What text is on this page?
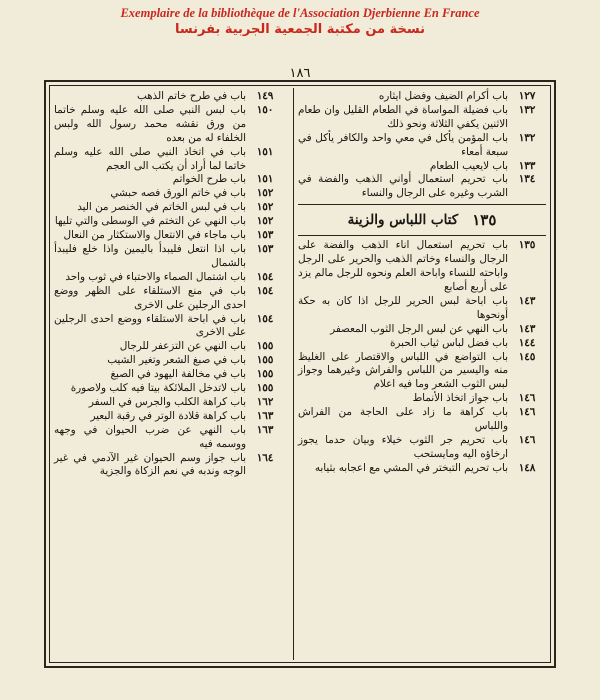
Exemplaire de la bibliothèque de l'Association Djerbienne En France
نسخة من مكتبة الجمعية الجربية بفرنسا
١٨٦
١٢٧
باب أكرام الضيف وفضل ايثاره
١٣٢
باب فضيلة المواساة في الطعام القليل وان طعام الاثنين يكفي الثلاثة ونحو ذلك
١٣٢
باب المؤمن يأكل في معي واحد والكافر يأكل في سبعة أمعاء
١٣٣
باب لايعيب الطعام
١٣٤
باب تحريم استعمال أواني الذهب والفضة في الشرب وغيره على الرجال والنساء
١٣٥
كتاب اللباس والزينة
١٣٥
باب تحريم استعمال اناء الذهب والفضة على الرجال والنساء وخاتم الذهب والحرير على الرجل واباحته للنساء واباحة العلم ونحوه للرجل مالم يزد على أربع أصابع
١٤٣
باب اباحة لبس الحرير للرجل اذا كان به حكة أونحوها
١٤٣
باب النهي عن لبس الرجل الثوب المعصفر
١٤٤
باب فضل لباس ثياب الحبرة
١٤٥
باب التواضع في اللباس والاقتصار على الغليظ منه واليسير من اللباس والفراش وغيرهما وجواز لبس الثوب الشعر وما فيه اعلام
١٤٦
باب جواز اتخاذ الأنماط
١٤٦
باب كراهة ما زاد على الحاجة من الفراش واللباس
١٤٦
باب تحريم جر الثوب خيلاء وبيان حدما يجوز ارخاؤه اليه ومايستحب
١٤٨
باب تحريم التبختر في المشي مع اعجابه بثيابه
١٤٩
باب في طرح خاتم الذهب
١٥٠
باب لبس النبي صلى الله عليه وسلم خاتما من ورق نقشه محمد رسول الله ولبس الخلفاء له من بعده
١٥١
باب في اتخاذ النبي صلى الله عليه وسلم خاتما لما أراد أن يكتب الى العجم
١٥١
باب طرح الخواتم
١٥٢
باب في خاتم الورق فصه حبشي
١٥٢
باب في لبس الخاتم في الخنصر من اليد
١٥٢
باب النهي عن التختم في الوسطى والتي تليها
١٥٣
باب ماجاء في الانتعال والاستكثار من النعال
١٥٣
باب اذا انتعل فليبدأ باليمين واذا خلع فليبدأ بالشمال
١٥٤
باب اشتمال الصماء والاحتباء في ثوب واحد
١٥٤
باب في منع الاستلقاء على الظهر ووضع احدى الرجلين على الاخرى
١٥٤
باب في اباحة الاستلقاء ووضع احدى الرجلين على الاخرى
١٥٥
باب النهي عن التزعفر للرجال
١٥٥
باب في صبغ الشعر وتغير الشيب
١٥٥
باب في مخالفة اليهود في الصبغ
١٥٥
باب لاتدخل الملائكة بيتا فيه كلب ولاصورة
١٦٢
باب كراهة الكلب والجرس في السفر
١٦٣
باب كراهة قلادة الوتر في رقبة البعير
١٦٣
باب النهي عن ضرب الحيوان في وجهه ووسمه فيه
١٦٤
باب جواز وسم الحيوان غير الآدمي في غير الوجه وندبه في نعم الزكاة والجزية
